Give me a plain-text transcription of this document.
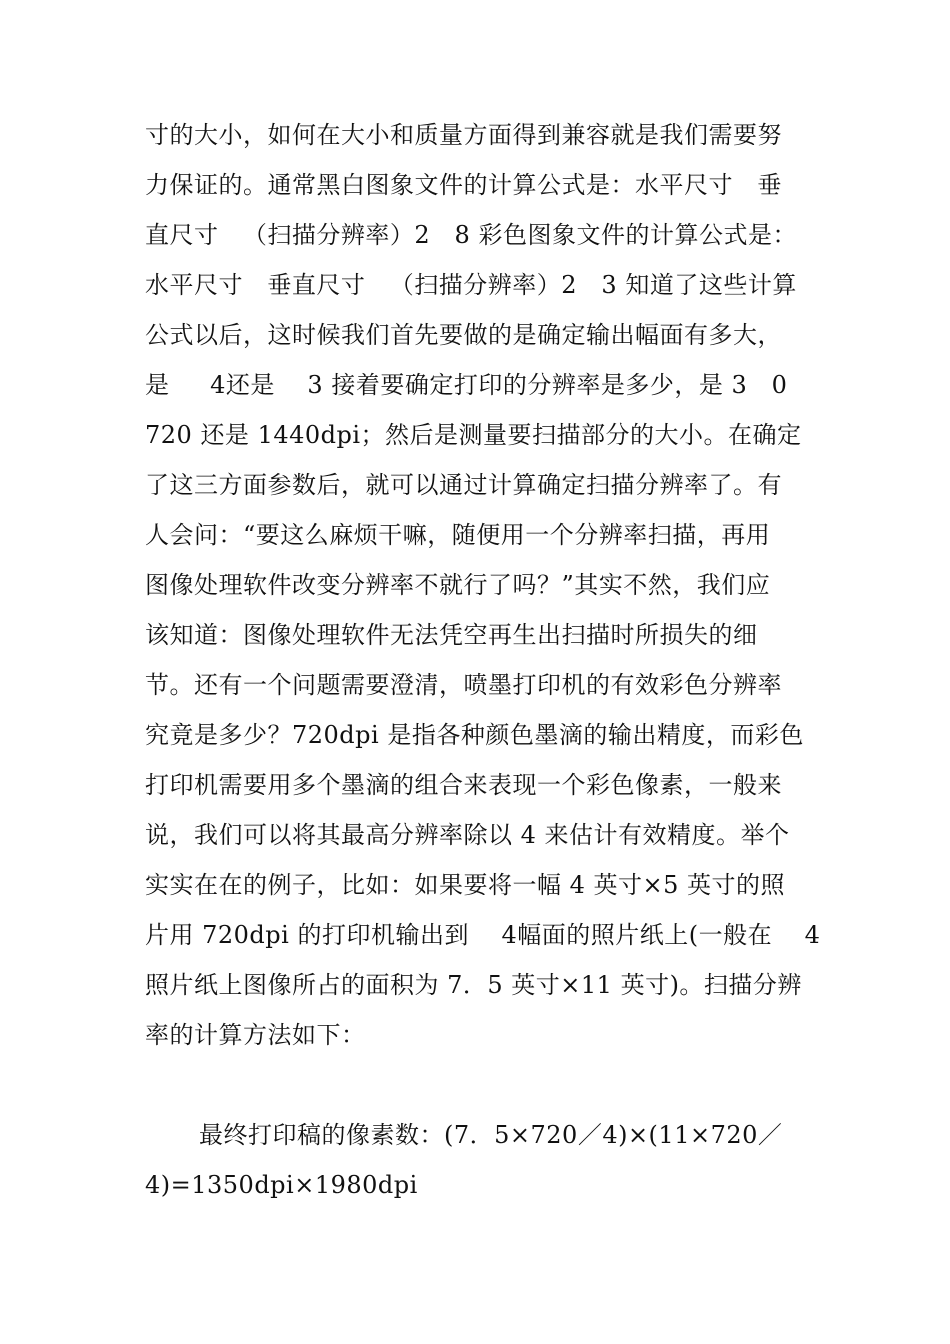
寸的大小，如何在大小和质量方面得到兼容就是我们需要努
力保证的。通常黑白图象文件的计算公式是：水平尺寸   垂
直尺寸   （扫描分辨率）2   8 彩色图象文件的计算公式是：
水平尺寸   垂直尺寸   （扫描分辨率）2   3 知道了这些计算
公式以后，这时候我们首先要做的是确定输出幅面有多大，
是     4还是    3 接着要确定打印的分辨率是多少，是 3   0
720 还是 1440dpi；然后是测量要扫描部分的大小。在确定
了这三方面参数后，就可以通过计算确定扫描分辨率了。有
人会问：“要这么麻烦干嘛，随便用一个分辨率扫描，再用
图像处理软件改变分辨率不就行了吗？”其实不然，我们应
该知道：图像处理软件无法凭空再生出扫描时所损失的细
节。还有一个问题需要澄清，喷墨打印机的有效彩色分辨率
究竟是多少？720dpi 是指各种颜色墨滴的输出精度，而彩色
打印机需要用多个墨滴的组合来表现一个彩色像素，一般来
说，我们可以将其最高分辨率除以 4 来估计有效精度。举个
实实在在的例子，比如：如果要将一幅 4 英寸×5 英寸的照
片用 720dpi 的打印机输出到    4幅面的照片纸上(一般在    4
照片纸上图像所占的面积为 7．5 英寸×11 英寸)。扫描分辨
率的计算方法如下：
最终打印稿的像素数：(7．5×720／4)×(11×720／
4)=1350dpi×1980dpi
